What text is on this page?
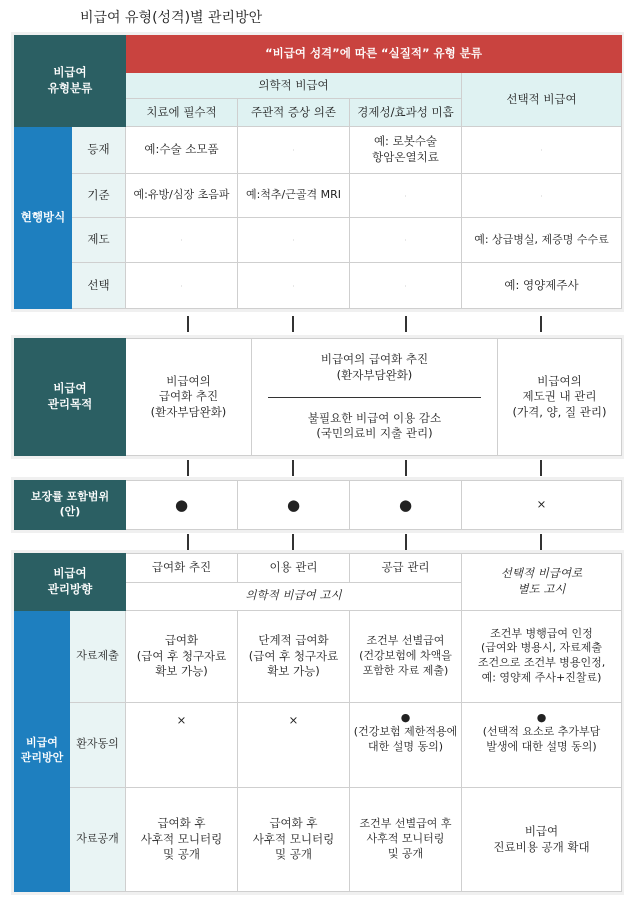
비급여 유형(성격)별 관리방안
비급여
유형분류		“비급여 성격”에 따른 “실질적” 유형 분류			
		의학적 비급여			선택적 비급여
		치료에 필수적	주관적 증상 의존	경제성/효과성 미흡	
현행방식	등재	예:수술 소모품	·	예: 로봇수술
항암온열치료	·
	기준	예:유방/심장 초음파	예:척추/근골격 MRI	·	·
	제도	·	·	·	예: 상급병실, 제증명 수수료
	선택	·	·	·	예: 영양제주사
비급여
관리목적	비급여의
급여화 추진
(환자부담완화)	
비급여의 급여화 추진
(환자부담완화)
불필요한 비급여 이용 감소
(국민의료비 지출 관리)
	비급여의
제도권 내 관리
(가격, 양, 질 관리)
보장률 포함범위
(안)	●	●	●	×
비급여
관리방향		급여화 추진	이용 관리	공급 관리	선택적 비급여로
별도 고시
		의학적 비급여 고시			
비급여
관리방안	자료제출	급여화
(급여 후 청구자료
확보 가능)	단계적 급여화
(급여 후 청구자료
확보 가능)	조건부 선별급여
(건강보험에 차액을
포함한 자료 제출)	조건부 병행급여 인정
(급여와 병용시, 자료제출
조건으로 조건부 병용인정,
예: 영양제 주사+진찰료)
	환자동의	×	×	●
(건강보험 제한적용에
대한 설명 동의)	●
(선택적 요소로 추가부담
발생에 대한 설명 동의)
	자료공개	급여화 후
사후적 모니터링
및 공개	급여화 후
사후적 모니터링
및 공개	조건부 선별급여 후
사후적 모니터링
및 공개	비급여
진료비용 공개 확대
